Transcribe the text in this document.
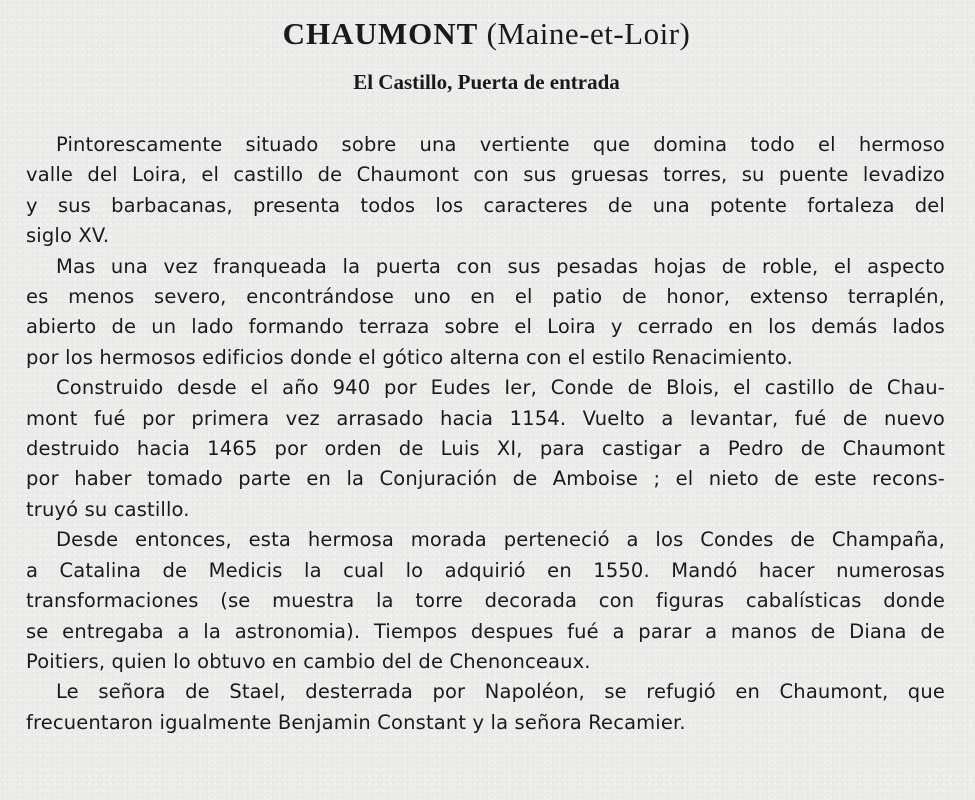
CHAUMONT (Maine-et-Loir)
El Castillo, Puerta de entrada

Pintorescamente situado sobre una vertiente que domina todo el hermoso
valle del Loira, el castillo de Chaumont con sus gruesas torres, su puente levadizo
y sus barbacanas, presenta todos los caracteres de una potente fortaleza del
siglo XV.

Mas una vez franqueada la puerta con sus pesadas hojas de roble, el aspecto
es menos severo, encontrándose uno en el patio de honor, extenso terraplén,
abierto de un lado formando terraza sobre el Loira y cerrado en los demás lados
por los hermosos edificios donde el gótico alterna con el estilo Renacimiento.

Construido desde el año 940 por Eudes Ier, Conde de Blois, el castillo de Chau-
mont fué por primera vez arrasado hacia 1154. Vuelto a levantar, fué de nuevo
destruido hacia 1465 por orden de Luis XI, para castigar a Pedro de Chaumont
por haber tomado parte en la Conjuración de Amboise ; el nieto de este recons-
truyó su castillo.

Desde entonces, esta hermosa morada perteneció a los Condes de Champaña,
a Catalina de Medicis la cual lo adquirió en 1550. Mandó hacer numerosas
transformaciones (se muestra la torre decorada con figuras cabalísticas donde
se entregaba a la astronomia). Tiempos despues fué a parar a manos de Diana de
Poitiers, quien lo obtuvo en cambio del de Chenonceaux.

Le señora de Stael, desterrada por Napoléon, se refugió en Chaumont, que
frecuentaron igualmente Benjamin Constant y la señora Recamier.
